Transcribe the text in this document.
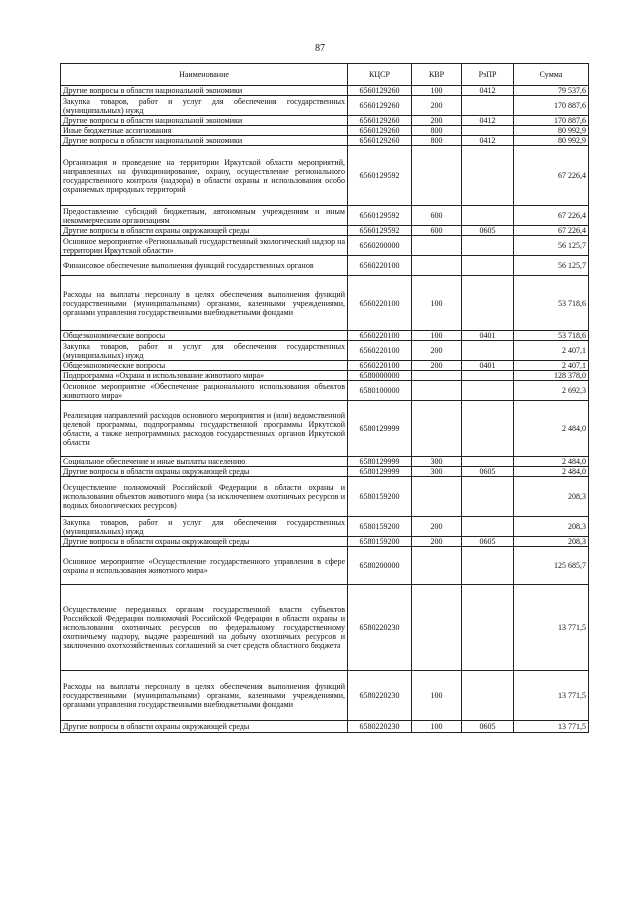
87
Наименование	КЦСР	КВР	РзПР	Сумма
Другие вопросы в области национальной экономики	6560129260	100	0412	79 537,6
Закупка товаров, работ и услуг для обеспечения государственных (муниципальных) нужд	6560129260	200		170 887,6
Другие вопросы в области национальной экономики	6560129260	200	0412	170 887,6
Иные бюджетные ассигнования	6560129260	800		80 992,9
Другие вопросы в области национальной экономики	6560129260	800	0412	80 992,9
Организация и проведение на территории Иркутской области мероприятий, направленных на функционирование, охрану, осуществление регионального государственного контроля (надзора) в области охраны и использования особо охраняемых природных территорий	6560129592			67 226,4
Предоставление субсидий бюджетным, автономным учреждениям и иным некоммерческим организациям	6560129592	600		67 226,4
Другие вопросы в области охраны окружающей среды	6560129592	600	0605	67 226,4
Основное мероприятие «Региональный государственный экологический надзор на территории Иркутской области»	6560200000			56 125,7
Финансовое обеспечение выполнения функций государственных органов	6560220100			56 125,7
Расходы на выплаты персоналу в целях обеспечения выполнения функций государственными (муниципальными) органами, казенными учреждениями, органами управления государственными внебюджетными фондами	6560220100	100		53 718,6
Общеэкономические вопросы	6560220100	100	0401	53 718,6
Закупка товаров, работ и услуг для обеспечения государственных (муниципальных) нужд	6560220100	200		2 407,1
Общеэкономические вопросы	6560220100	200	0401	2 407,1
Подпрограмма «Охрана и использование животного мира»	6580000000			128 378,0
Основное мероприятие «Обеспечение рационального использования объектов животного мира»	6580100000			2 692,3
Реализация направлений расходов основного мероприятия и (или) ведомственной целевой программы, подпрограммы государственной программы Иркутской области, а также непрограммных расходов государственных органов Иркутской области	6580129999			2 484,0
Социальное обеспечение и иные выплаты населению	6580129999	300		2 484,0
Другие вопросы в области охраны окружающей среды	6580129999	300	0605	2 484,0
Осуществление полномочий Российской Федерации в области охраны и использования объектов животного мира (за исключением охотничьих ресурсов и водных биологических ресурсов)	6580159200			208,3
Закупка товаров, работ и услуг для обеспечения государственных (муниципальных) нужд	6580159200	200		208,3
Другие вопросы в области охраны окружающей среды	6580159200	200	0605	208,3
Основное мероприятие «Осуществление государственного управления в сфере охраны и использования животного мира»	6580200000			125 685,7
Осуществление переданных органам государственной власти субъектов Российской Федерации полномочий Российской Федерации в области охраны и использования охотничьих ресурсов по федеральному государственному охотничьему надзору, выдаче разрешений на добычу охотничьих ресурсов и заключению охотхозяйственных соглашений за счет средств областного бюджета	6580220230			13 771,5
Расходы на выплаты персоналу в целях обеспечения выполнения функций государственными (муниципальными) органами, казенными учреждениями, органами управления государственными внебюджетными фондами	6580220230	100		13 771,5
Другие вопросы в области охраны окружающей среды	6580220230	100	0605	13 771,5
